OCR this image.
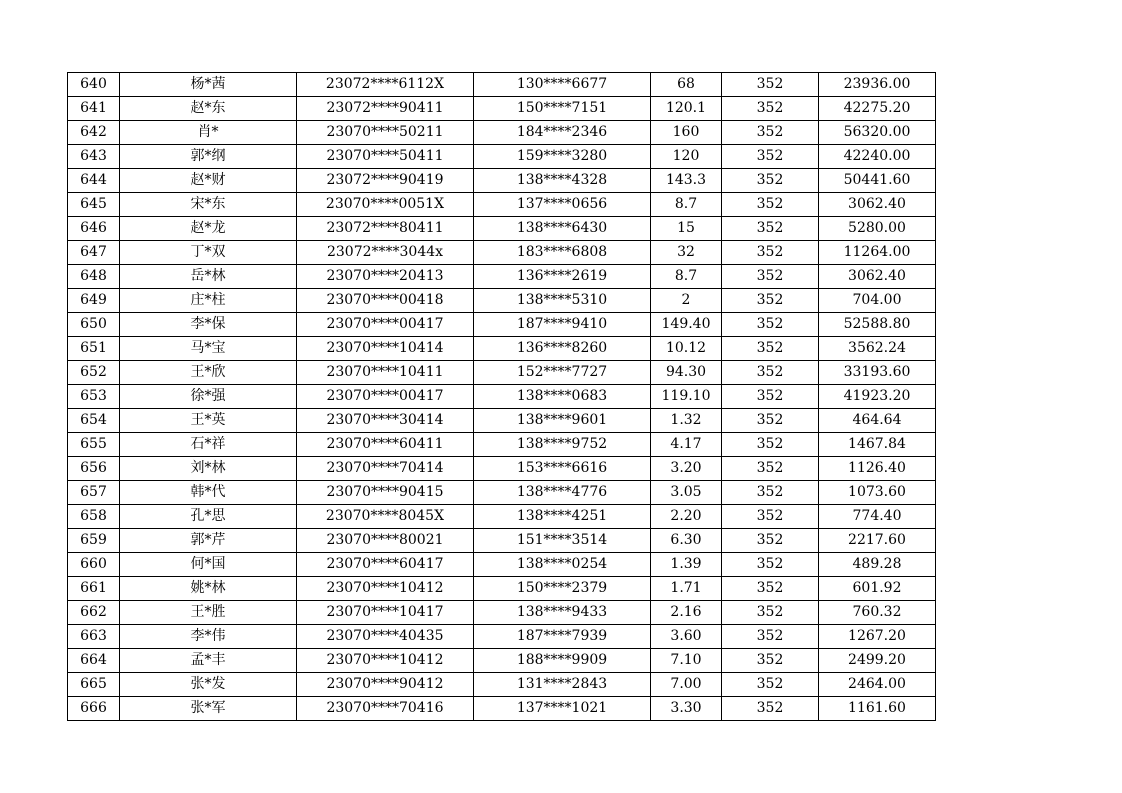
640	杨*茜	23072****6112X	130****6677	68	352	23936.00
641	赵*东	23072****90411	150****7151	120.1	352	42275.20
642	肖*	23070****50211	184****2346	160	352	56320.00
643	郭*纲	23070****50411	159****3280	120	352	42240.00
644	赵*财	23072****90419	138****4328	143.3	352	50441.60
645	宋*东	23070****0051X	137****0656	8.7	352	3062.40
646	赵*龙	23072****80411	138****6430	15	352	5280.00
647	丁*双	23072****3044x	183****6808	32	352	11264.00
648	岳*林	23070****20413	136****2619	8.7	352	3062.40
649	庄*柱	23070****00418	138****5310	2	352	704.00
650	李*保	23070****00417	187****9410	149.40	352	52588.80
651	马*宝	23070****10414	136****8260	10.12	352	3562.24
652	王*欣	23070****10411	152****7727	94.30	352	33193.60
653	徐*强	23070****00417	138****0683	119.10	352	41923.20
654	王*英	23070****30414	138****9601	1.32	352	464.64
655	石*祥	23070****60411	138****9752	4.17	352	1467.84
656	刘*林	23070****70414	153****6616	3.20	352	1126.40
657	韩*代	23070****90415	138****4776	3.05	352	1073.60
658	孔*思	23070****8045X	138****4251	2.20	352	774.40
659	郭*芹	23070****80021	151****3514	6.30	352	2217.60
660	何*国	23070****60417	138****0254	1.39	352	489.28
661	姚*林	23070****10412	150****2379	1.71	352	601.92
662	王*胜	23070****10417	138****9433	2.16	352	760.32
663	李*伟	23070****40435	187****7939	3.60	352	1267.20
664	孟*丰	23070****10412	188****9909	7.10	352	2499.20
665	张*发	23070****90412	131****2843	7.00	352	2464.00
666	张*军	23070****70416	137****1021	3.30	352	1161.60
